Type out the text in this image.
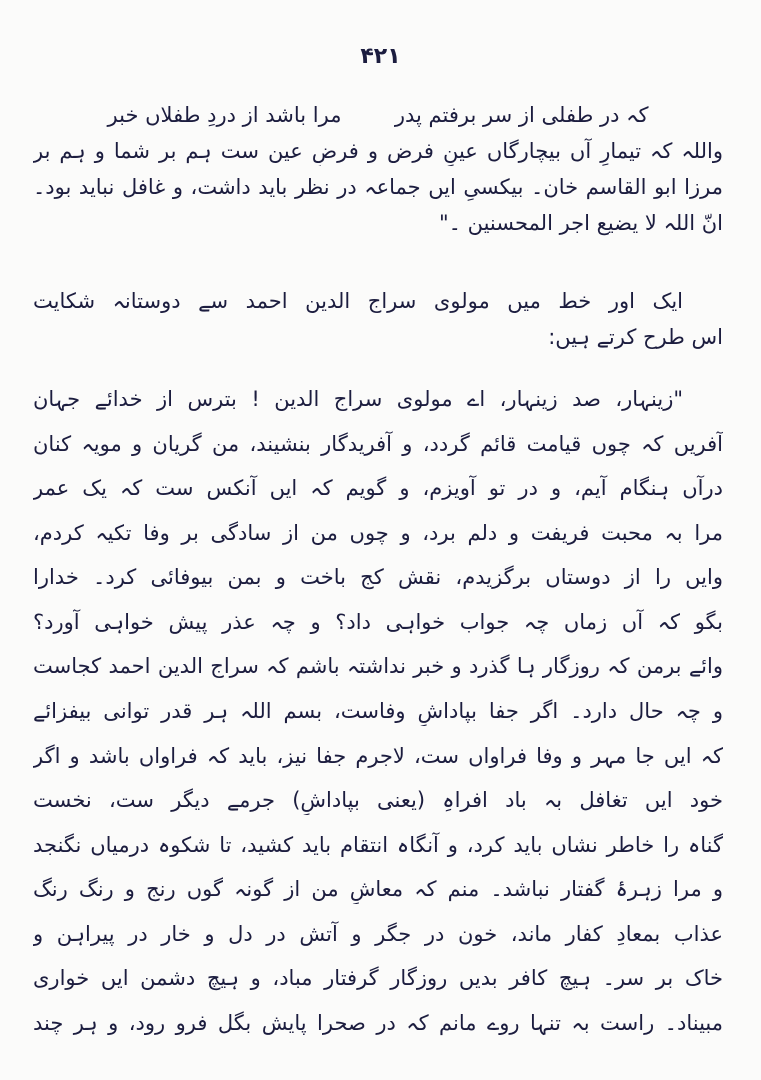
۴۲۱
کہ در طفلی از سر برفتم پدر  مرا باشد از دردِ طفلاں خبر
واللہ کہ تیمارِ آں بیچارگاں عینِ فرض و فرضِ عین ست ہم بر شما و ہم بر
مرزا ابو القاسم خان۔ بیکسیِ ایں جماعہ در نظر باید داشت، و غافل نباید بود۔
انّ اللہ لا یضیع اجر المحسنین ۔"
ایک اور خط میں مولوی سراج الدین احمد سے دوستانہ شکایت
اس طرح کرتے ہیں:
"زینہار، صد زینہار، اے مولوی سراج الدین ! بترس از خدائے جہان
آفریں کہ چوں قیامت قائم گردد، و آفریدگار بنشیند، من گریان و مویہ کنان
درآں ہنگام آیم، و در تو آویزم، و گویم کہ ایں آنکس ست کہ یک عمر
مرا بہ محبت فریفت و دلم برد، و چوں من از سادگی بر وفا تکیہ کردم،
وایں را از دوستاں برگزیدم، نقش کج باخت و بمن بیوفائی کرد۔ خدارا
بگو کہ آں زماں چہ جواب خواہی داد؟ و چہ عذر پیش خواہی آورد؟
وائے برمن کہ روزگار ہا گذرد و خبر نداشتہ باشم کہ سراج الدین احمد کجاست
و چہ حال دارد۔ اگر جفا بپاداشِ وفاست، بسم اللہ ہر قدر توانی بیفزائے
کہ ایں جا مہر و وفا فراواں ست، لاجرم جفا نیز، باید کہ فراواں باشد و اگر
خود ایں تغافل بہ باد افراہِ (یعنی بپاداشِ) جرمے دیگر ست، نخست
گناہ را خاطر نشاں باید کرد، و آنگاہ انتقام باید کشید، تا شکوہ درمیاں نگنجد
و مرا زہرۂ گفتار نباشد۔ منم کہ معاشِ من از گونہ گوں رنج و رنگ رنگ
عذاب بمعادِ کفار ماند، خون در جگر و آتش در دل و خار در پیراہن و
خاک بر سر۔ ہیچ کافر بدیں روزگار گرفتار مباد، و ہیچ دشمن ایں خواری
مبیناد۔ راست بہ تنہا روے مانم کہ در صحرا پایش بگل فرو رود، و ہر چند
